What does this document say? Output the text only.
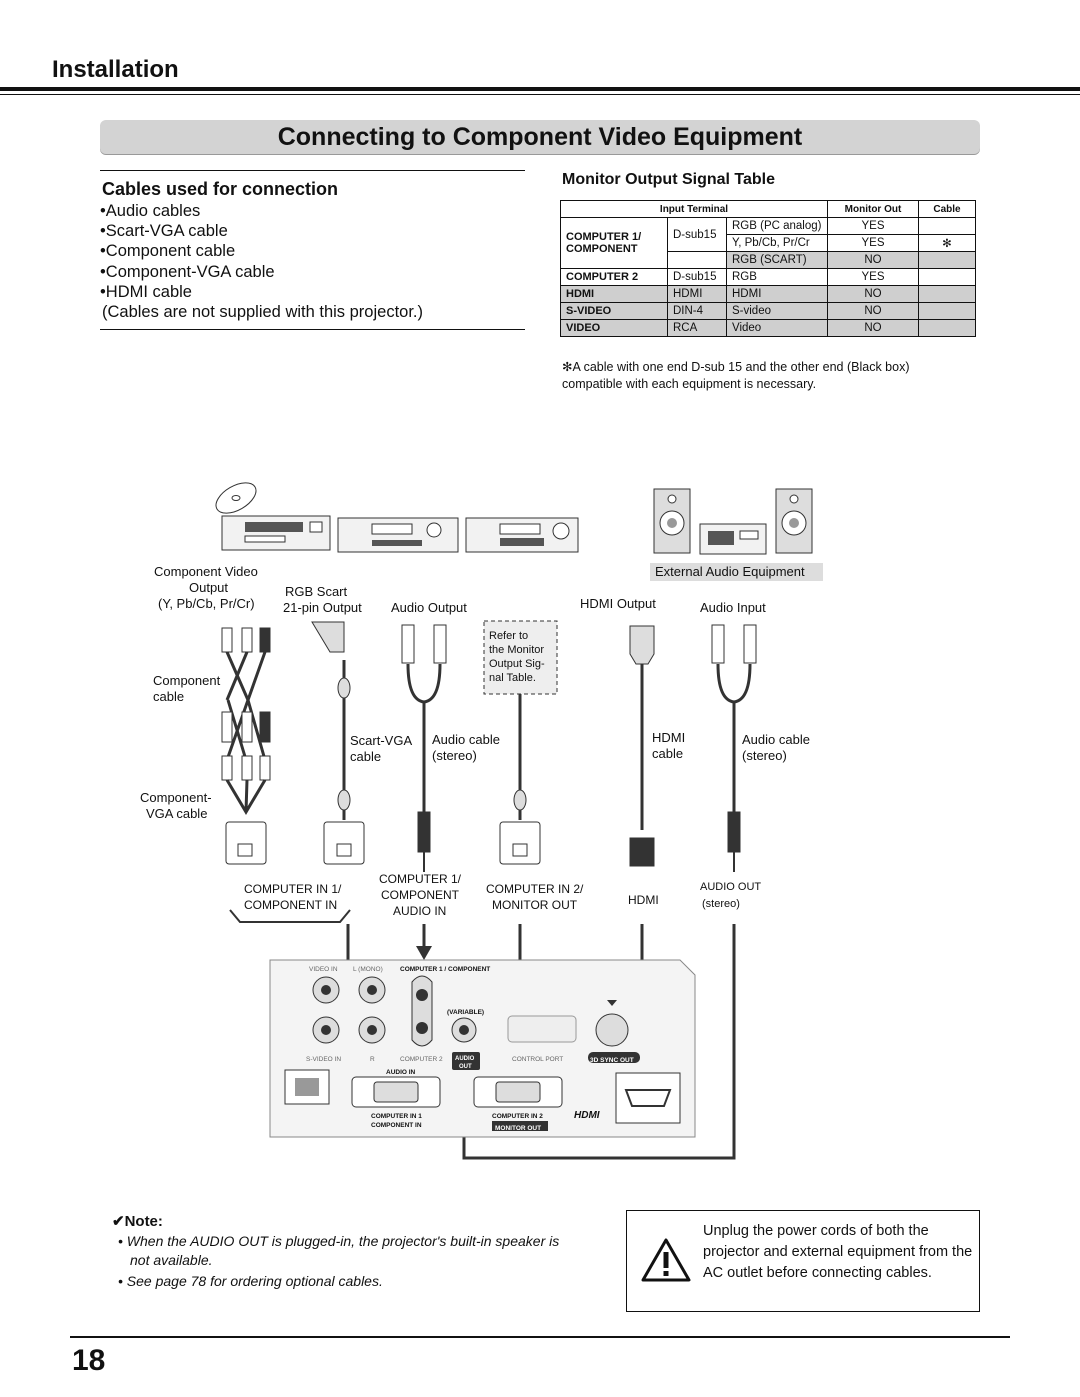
Installation
Connecting to Component Video Equipment
Cables used for connection
•Audio cables
•Scart-VGA cable
•Component cable
•Component-VGA cable
•HDMI cable
(Cables are not supplied with this projector.)
Monitor Output Signal Table
Input Terminal			Monitor Out	Cable
COMPUTER 1/ COMPONENT	D-sub15	RGB (PC analog)	YES	
		Y, Pb/Cb, Pr/Cr	YES	✻
		RGB (SCART)	NO	
COMPUTER 2	D-sub15	RGB	YES	
HDMI	HDMI	HDMI	NO	
S-VIDEO	DIN-4	S-video	NO	
VIDEO	RCA	Video	NO	
✻A cable with one end D-sub 15 and the other end (Black box) compatible with each equipment is necessary.
External Audio Equipment
Component Video
Output
(Y, Pb/Cb, Pr/Cr)
RGB Scart
21-pin Output Audio Output	HDMI Output	Audio Input
Refer to
the Monitor
Output Sig-
nal Table.
Component
cable
Scart-VGA
cable
Audio cable
(stereo)
HDMI
cable
Audio cable
(stereo)
Component-
VGA cable
COMPUTER IN 1/
COMPONENT IN
COMPUTER 1/
COMPONENT
AUDIO IN
COMPUTER IN 2/
MONITOR OUT	HDMI
AUDIO OUT
(stereo)
VIDEO IN L (MONO)	COMPUTER 1 / COMPONENT
(VARIABLE)
S-VIDEO IN	R	COMPUTER 2 AUDIO
OUT
CONTROL PORT	3D SYNC OUT
AUDIO IN
COMPUTER IN 1
COMPONENT IN
COMPUTER IN 2
MONITOR OUT
HDMI
✔Note:
• When the AUDIO OUT is plugged-in, the projector's built-in speaker is not available.
• See page 78 for ordering optional cables.
Unplug the power cords of both the projector and external equipment from the AC outlet before connecting cables.
18
